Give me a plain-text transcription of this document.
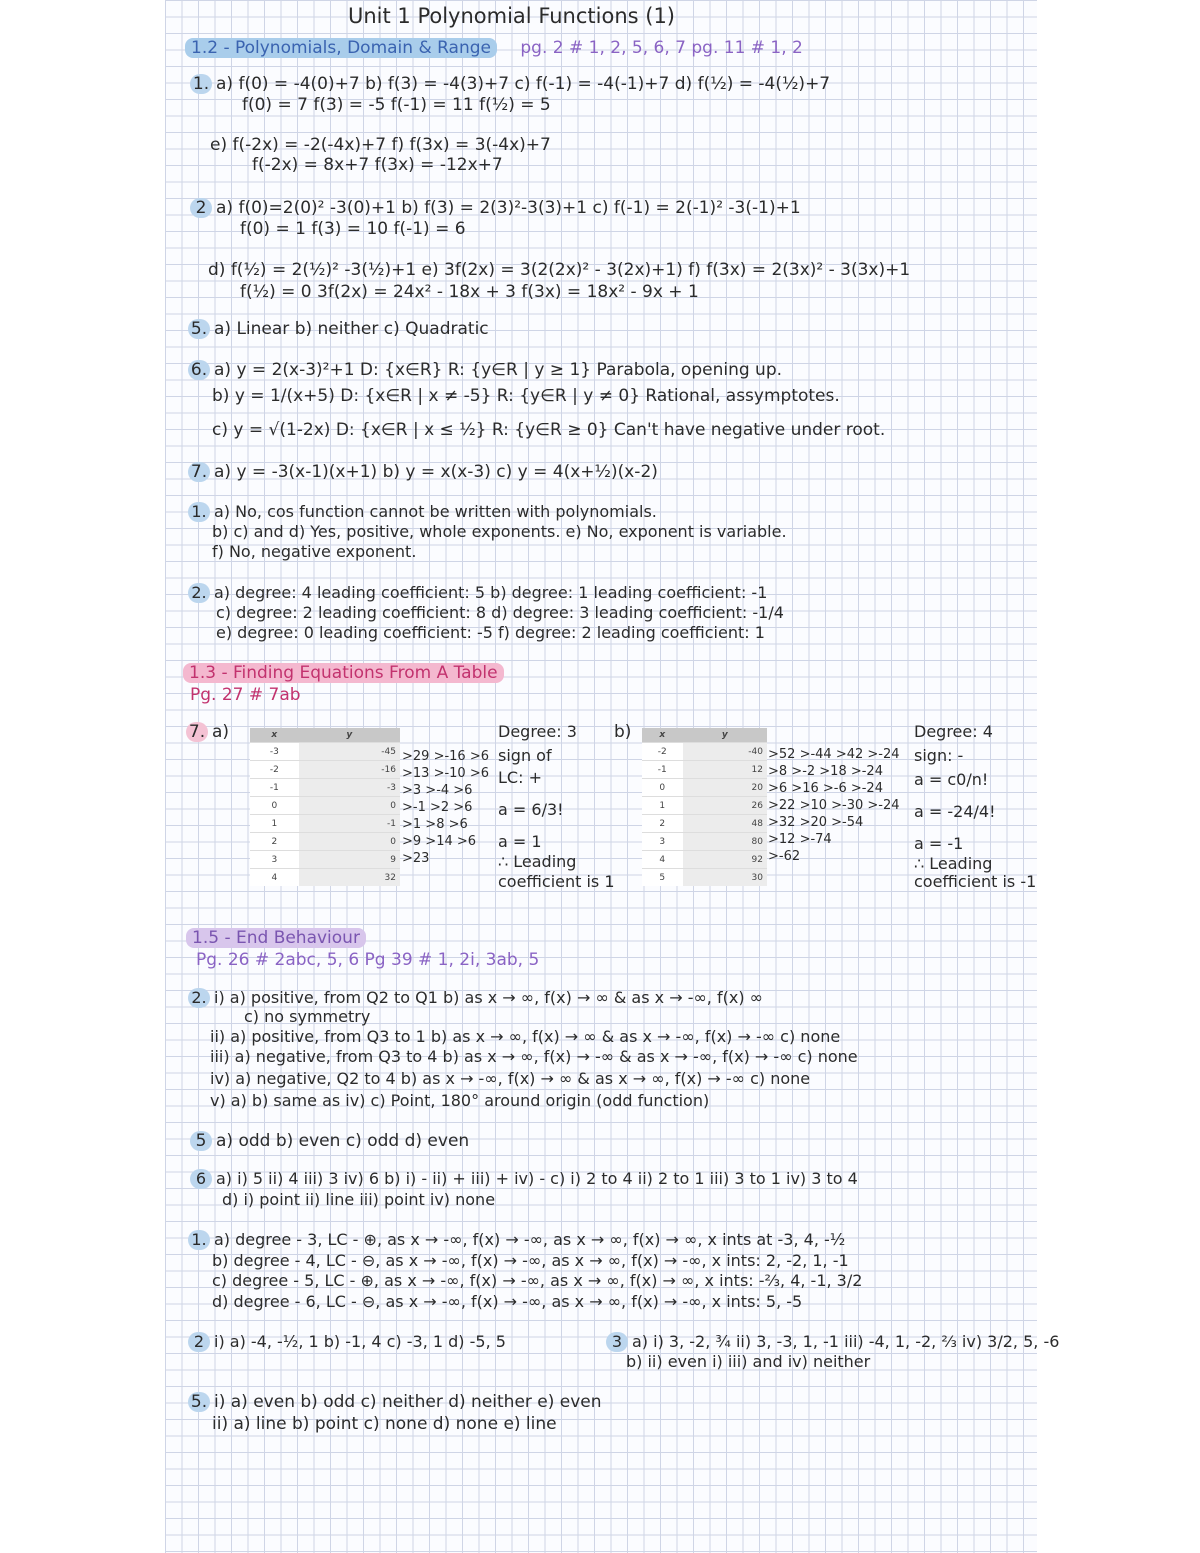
Unit 1 Polynomial Functions (1)
1.2 - Polynomials, Domain & Range pg. 2 # 1, 2, 5, 6, 7 pg. 11 # 1, 2
1. a) f(0) = -4(0)+7 b) f(3) = -4(3)+7 c) f(-1) = -4(-1)+7 d) f(½) = -4(½)+7
f(0) = 7 f(3) = -5 f(-1) = 11 f(½) = 5
e) f(-2x) = -2(-4x)+7 f) f(3x) = 3(-4x)+7
f(-2x) = 8x+7 f(3x) = -12x+7
2 a) f(0)=2(0)² -3(0)+1 b) f(3) = 2(3)²-3(3)+1 c) f(-1) = 2(-1)² -3(-1)+1
f(0) = 1 f(3) = 10 f(-1) = 6
d) f(½) = 2(½)² -3(½)+1 e) 3f(2x) = 3(2(2x)² - 3(2x)+1) f) f(3x) = 2(3x)² - 3(3x)+1
f(½) = 0 3f(2x) = 24x² - 18x + 3 f(3x) = 18x² - 9x + 1
5. a) Linear b) neither c) Quadratic
6. a) y = 2(x-3)²+1 D: {x∈R} R: {y∈R | y ≥ 1} Parabola, opening up.
b) y = 1/(x+5) D: {x∈R | x ≠ -5} R: {y∈R | y ≠ 0} Rational, assymptotes.
c) y = √(1-2x) D: {x∈R | x ≤ ½} R: {y∈R ≥ 0} Can't have negative under root.
7. a) y = -3(x-1)(x+1) b) y = x(x-3) c) y = 4(x+½)(x-2)
1. a) No, cos function cannot be written with polynomials.
b) c) and d) Yes, positive, whole exponents. e) No, exponent is variable.
f) No, negative exponent.
2. a) degree: 4 leading coefficient: 5 b) degree: 1 leading coefficient: -1
c) degree: 2 leading coefficient: 8 d) degree: 3 leading coefficient: -1/4
e) degree: 0 leading coefficient: -5 f) degree: 2 leading coefficient: 1
1.3 - Finding Equations From A Table
Pg. 27 # 7ab
7. a)	x	y
-3	-45
-2	-16
-1	-3
0	0
1	-1
2	0
3	9
4	32
>29 >-16 >6
>13 >-10 >6
>3 >-4 >6
>-1 >2 >6
>1 >8 >6
>9 >14 >6
>23
Degree: 3
sign of
LC: +
a = 6/3!
a = 1
∴ Leading
coefficient is 1
b)	x	y
-2	-40
-1	12
0	20
1	26
2	48
3	80
4	92
5	30
>52 >-44 >42 >-24
>8 >-2 >18 >-24
>6 >16 >-6 >-24
>22 >10 >-30 >-24
>32 >20 >-54
>12 >-74
>-62
Degree: 4
sign: -
a = c0/n!
a = -24/4!
a = -1
∴ Leading
coefficient is -1
1.5 - End Behaviour
Pg. 26 # 2abc, 5, 6 Pg 39 # 1, 2i, 3ab, 5
2. i) a) positive, from Q2 to Q1 b) as x → ∞, f(x) → ∞ & as x → -∞, f(x) ∞
c) no symmetry
ii) a) positive, from Q3 to 1 b) as x → ∞, f(x) → ∞ & as x → -∞, f(x) → -∞ c) none
iii) a) negative, from Q3 to 4 b) as x → ∞, f(x) → -∞ & as x → -∞, f(x) → -∞ c) none
iv) a) negative, Q2 to 4 b) as x → -∞, f(x) → ∞ & as x → ∞, f(x) → -∞ c) none
v) a) b) same as iv) c) Point, 180° around origin (odd function)
5 a) odd b) even c) odd d) even
6 a) i) 5 ii) 4 iii) 3 iv) 6 b) i) - ii) + iii) + iv) - c) i) 2 to 4 ii) 2 to 1 iii) 3 to 1 iv) 3 to 4
d) i) point ii) line iii) point iv) none
1. a) degree - 3, LC - ⊕, as x → -∞, f(x) → -∞, as x → ∞, f(x) → ∞, x ints at -3, 4, -½
b) degree - 4, LC - ⊖, as x → -∞, f(x) → -∞, as x → ∞, f(x) → -∞, x ints: 2, -2, 1, -1
c) degree - 5, LC - ⊕, as x → -∞, f(x) → -∞, as x → ∞, f(x) → ∞, x ints: -⅔, 4, -1, 3/2
d) degree - 6, LC - ⊖, as x → -∞, f(x) → -∞, as x → ∞, f(x) → -∞, x ints: 5, -5
2 i) a) -4, -½, 1 b) -1, 4 c) -3, 1 d) -5, 5	3 a) i) 3, -2, ¾ ii) 3, -3, 1, -1 iii) -4, 1, -2, ⅔ iv) 3/2, 5, -6
b) ii) even i) iii) and iv) neither
5. i) a) even b) odd c) neither d) neither e) even
ii) a) line b) point c) none d) none e) line
